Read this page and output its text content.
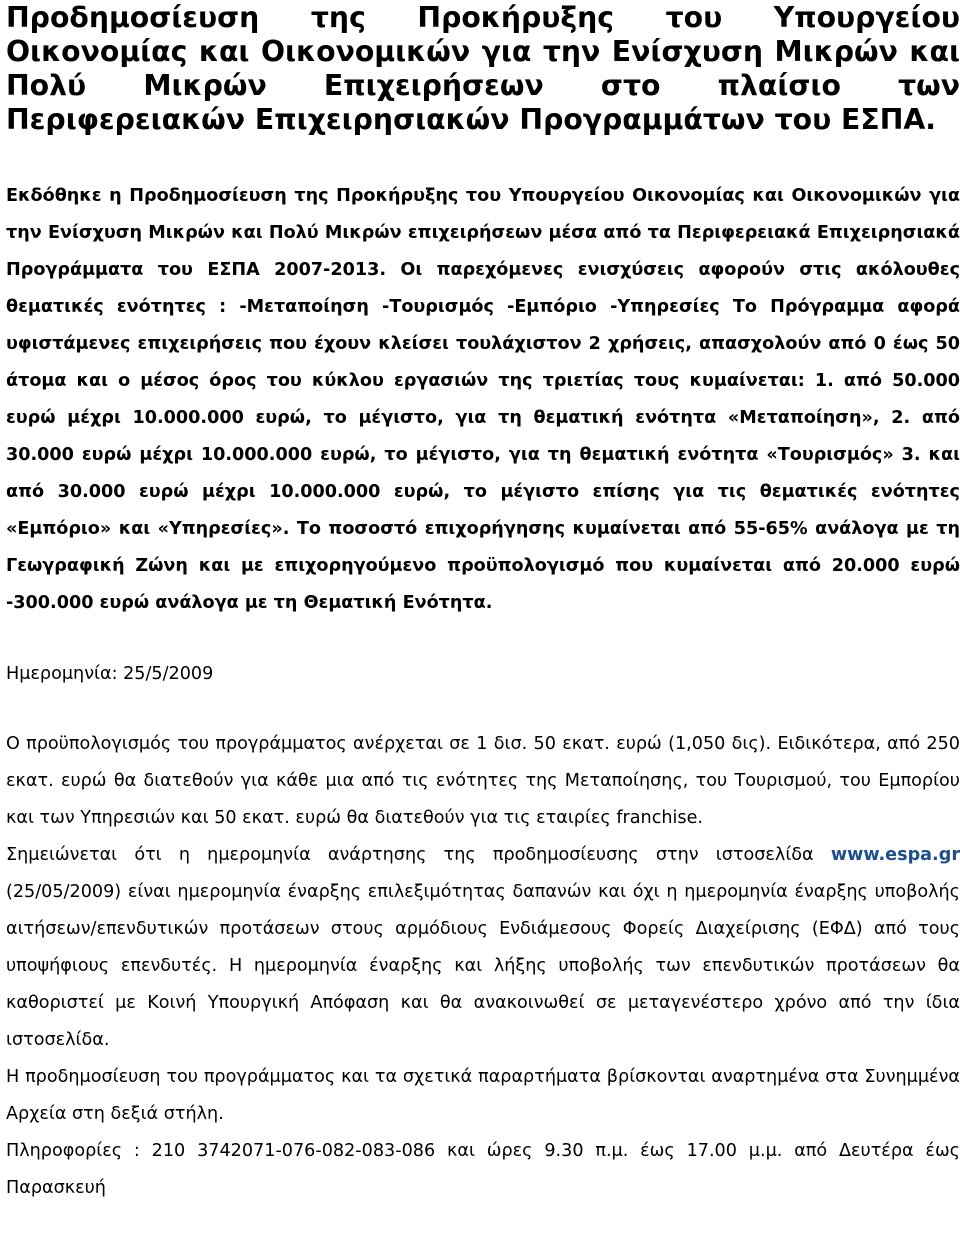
Προδημοσίευση της Προκήρυξης του Υπουργείου Οικονομίας και Οικονομικών για την Ενίσχυση Μικρών και Πολύ Μικρών Επιχειρήσεων στο πλαίσιο των Περιφερειακών Επιχειρησιακών Προγραμμάτων του ΕΣΠΑ.

Εκδόθηκε η Προδημοσίευση της Προκήρυξης του Υπουργείου Οικονομίας και Οικονομικών για την Ενίσχυση Μικρών και Πολύ Μικρών επιχειρήσεων μέσα από τα Περιφερειακά Επιχειρησιακά Προγράμματα του ΕΣΠΑ 2007-2013. Οι παρεχόμενες ενισχύσεις αφορούν στις ακόλουθες θεματικές ενότητες : -Μεταποίηση -Τουρισμός -Εμπόριο -Υπηρεσίες Το Πρόγραμμα αφορά υφιστάμενες επιχειρήσεις που έχουν κλείσει τουλάχιστον 2 χρήσεις, απασχολούν από 0 έως 50 άτομα και ο μέσος όρος του κύκλου εργασιών της τριετίας τους κυμαίνεται: 1. από 50.000 ευρώ μέχρι 10.000.000 ευρώ, το μέγιστο, για τη θεματική ενότητα «Μεταποίηση», 2. από 30.000 ευρώ μέχρι 10.000.000 ευρώ, το μέγιστο, για τη θεματική ενότητα «Τουρισμός» 3. και από 30.000 ευρώ μέχρι 10.000.000 ευρώ, το μέγιστο επίσης για τις θεματικές ενότητες «Εμπόριο» και «Υπηρεσίες». Το ποσοστό επιχορήγησης κυμαίνεται από 55-65% ανάλογα με τη Γεωγραφική Ζώνη και με επιχορηγούμενο προϋπολογισμό που κυμαίνεται από 20.000 ευρώ -300.000 ευρώ ανάλογα με τη Θεματική Ενότητα.

Ημερομηνία: 25/5/2009

Ο προϋπολογισμός του προγράμματος ανέρχεται σε 1 δισ. 50 εκατ. ευρώ (1,050 δις). Ειδικότερα, από 250 εκατ. ευρώ θα διατεθούν για κάθε μια από τις ενότητες της Μεταποίησης, του Τουρισμού, του Εμπορίου και των Υπηρεσιών και 50 εκατ. ευρώ θα διατεθούν για τις εταιρίες franchise.

Σημειώνεται ότι η ημερομηνία ανάρτησης της προδημοσίευσης στην ιστοσελίδα www.espa.gr (25/05/2009) είναι ημερομηνία έναρξης επιλεξιμότητας δαπανών και όχι η ημερομηνία έναρξης υποβολής αιτήσεων/επενδυτικών προτάσεων στους αρμόδιους Ενδιάμεσους Φορείς Διαχείρισης (ΕΦΔ) από τους υποψήφιους επενδυτές. Η ημερομηνία έναρξης και λήξης υποβολής των επενδυτικών προτάσεων θα καθοριστεί με Κοινή Υπουργική Απόφαση και θα ανακοινωθεί σε μεταγενέστερο χρόνο από την ίδια ιστοσελίδα.

Η προδημοσίευση του προγράμματος και τα σχετικά παραρτήματα βρίσκονται αναρτημένα στα Συνημμένα Αρχεία στη δεξιά στήλη.

Πληροφορίες : 210 3742071-076-082-083-086 και ώρες 9.30 π.μ. έως 17.00 μ.μ. από Δευτέρα έως Παρασκευή
